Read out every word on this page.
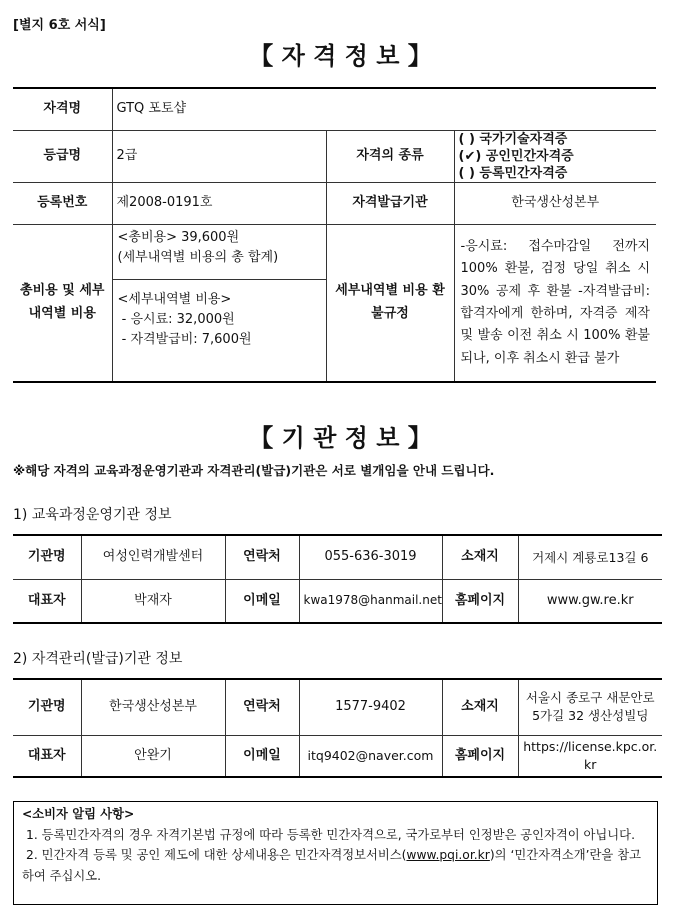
[별지 6호 서식]
【 자 격 정 보 】
자격명	GTQ 포토샵		
등급명	2급	자격의 종류	( ) 국가기술자격증
(✔) 공인민간자격증
( ) 등록민간자격증

등록번호	제2008-0191호	자격발급기관	한국생산성본부
총비용 및 세부내역별 비용	<총비용> 39,600원
(세부내역별 비용의 총 합계)
<세부내역별 비용>
- 응시료: 32,000원
- 자격발급비: 7,600원	세부내역별 비용 환불규정	-응시료: 접수마감일 전까지 100% 환불, 검정 당일 취소 시 30% 공제 후 환불 -자격발급비:합격자에게 한하며, 자격증 제작 및 발송 이전 취소 시 100% 환불되나, 이후 취소시 환급 불가
【 기 관 정 보 】
※해당 자격의 교육과정운영기관과 자격관리(발급)기관은 서로 별개임을 안내 드립니다.
1) 교육과정운영기관 정보
기관명	여성인력개발센터	연락처	055-636-3019	소재지	거제시 계룡로13길 6
대표자	박재자	이메일	kwa1978@hanmail.net	홈페이지	www.gw.re.kr
2) 자격관리(발급)기관 정보
기관명	한국생산성본부	연락처	1577-9402	소재지	서울시 종로구 새문안로5가길 32 생산성빌딩
대표자	안완기	이메일	itq9402@naver.com	홈페이지	https://license.kpc.or.kr
<소비자 알림 사항>
1. 등록민간자격의 경우 자격기본법 규정에 따라 등록한 민간자격으로, 국가로부터 인정받은 공인자격이 아닙니다.
2. 민간자격 등록 및 공인 제도에 대한 상세내용은 민간자격정보서비스(www.pqi.or.kr)의 ‘민간자격소개’란을 참고하여 주십시오.
